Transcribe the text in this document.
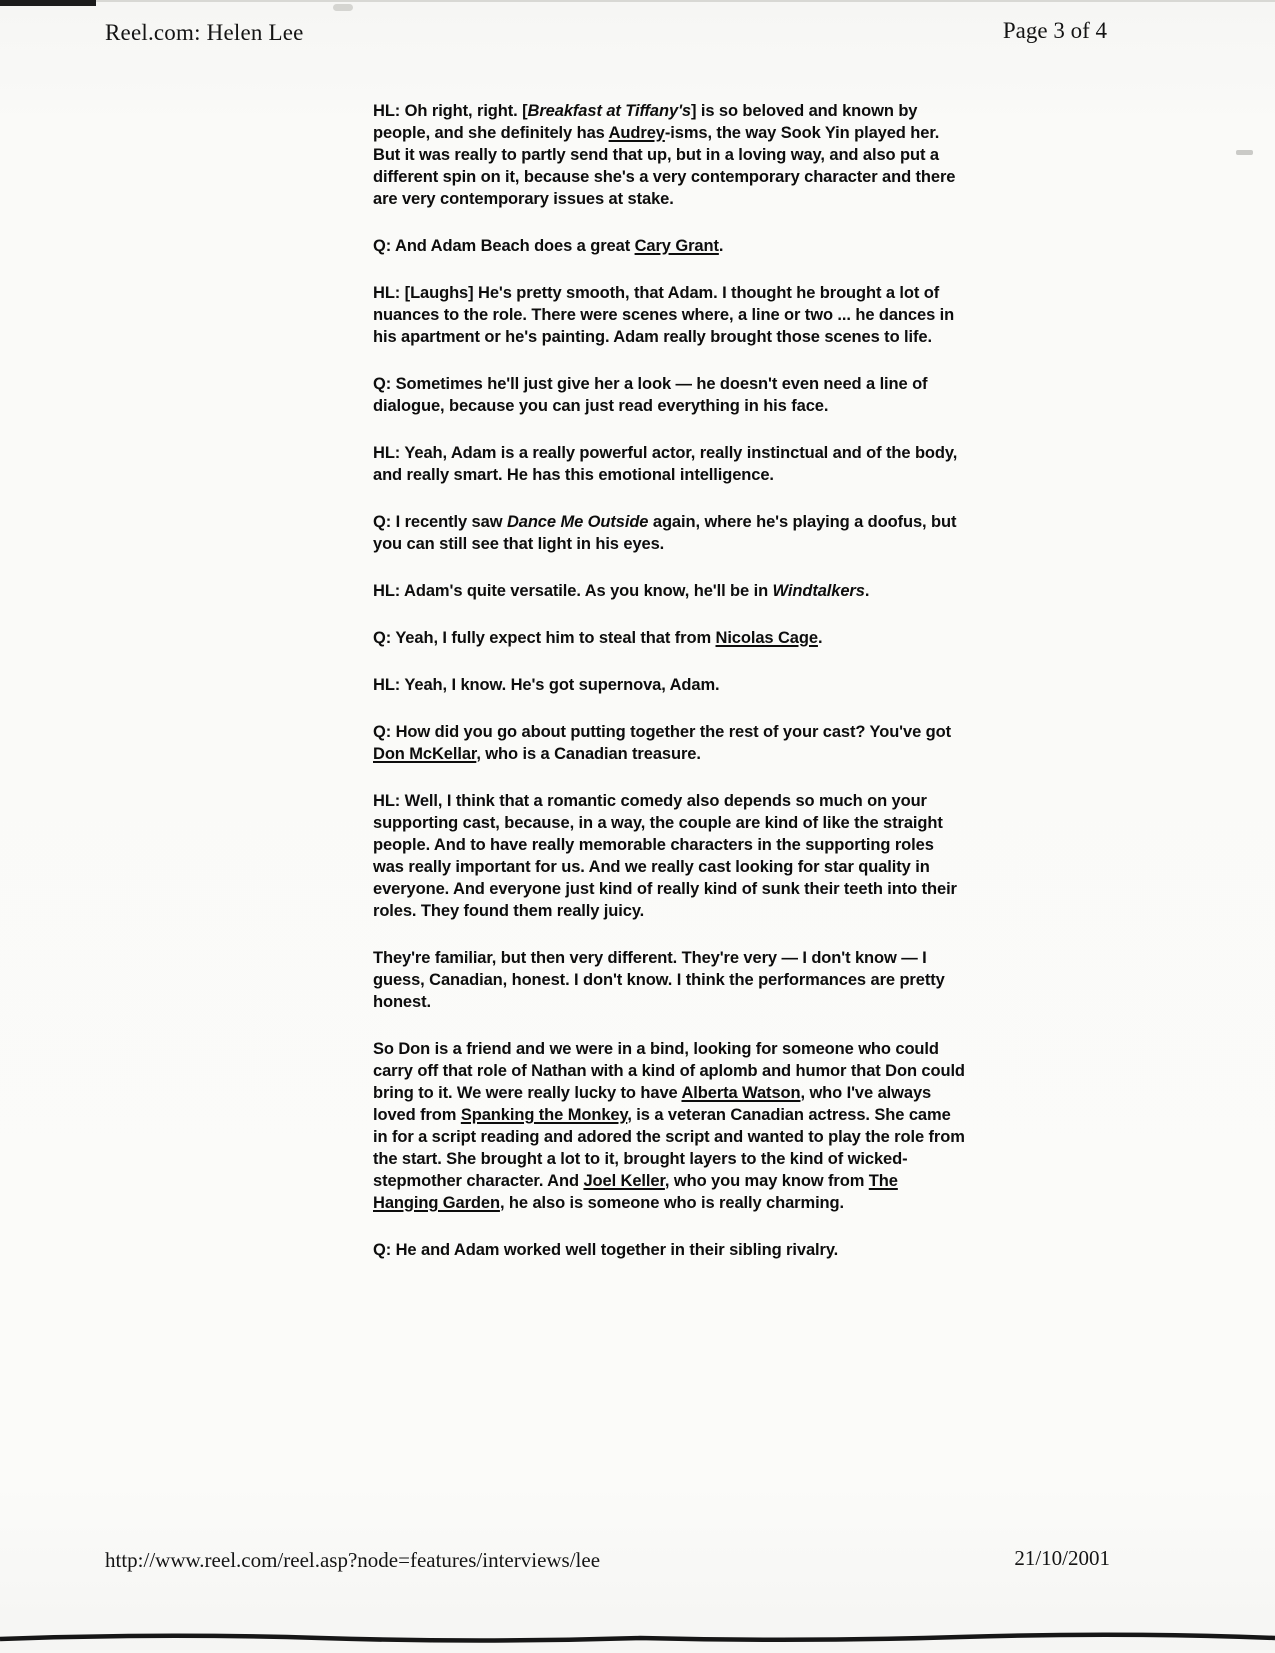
Reel.com: Helen Lee	Page 3 of 4

HL: Oh right, right. [Breakfast at Tiffany's] is so beloved and known by people, and she definitely has Audrey-isms, the way Sook Yin played her. But it was really to partly send that up, but in a loving way, and also put a different spin on it, because she's a very contemporary character and there are very contemporary issues at stake.

Q: And Adam Beach does a great Cary Grant.

HL: [Laughs] He's pretty smooth, that Adam. I thought he brought a lot of nuances to the role. There were scenes where, a line or two ... he dances in his apartment or he's painting. Adam really brought those scenes to life.

Q: Sometimes he'll just give her a look — he doesn't even need a line of dialogue, because you can just read everything in his face.

HL: Yeah, Adam is a really powerful actor, really instinctual and of the body, and really smart. He has this emotional intelligence.

Q: I recently saw Dance Me Outside again, where he's playing a doofus, but you can still see that light in his eyes.

HL: Adam's quite versatile. As you know, he'll be in Windtalkers.

Q: Yeah, I fully expect him to steal that from Nicolas Cage.

HL: Yeah, I know. He's got supernova, Adam.

Q: How did you go about putting together the rest of your cast? You've got Don McKellar, who is a Canadian treasure.

HL: Well, I think that a romantic comedy also depends so much on your supporting cast, because, in a way, the couple are kind of like the straight people. And to have really memorable characters in the supporting roles was really important for us. And we really cast looking for star quality in everyone. And everyone just kind of really kind of sunk their teeth into their roles. They found them really juicy.

They're familiar, but then very different. They're very — I don't know — I guess, Canadian, honest. I don't know. I think the performances are pretty honest.

So Don is a friend and we were in a bind, looking for someone who could carry off that role of Nathan with a kind of aplomb and humor that Don could bring to it. We were really lucky to have Alberta Watson, who I've always loved from Spanking the Monkey, is a veteran Canadian actress. She came in for a script reading and adored the script and wanted to play the role from the start. She brought a lot to it, brought layers to the kind of wicked-stepmother character. And Joel Keller, who you may know from The Hanging Garden, he also is someone who is really charming.

Q: He and Adam worked well together in their sibling rivalry.

http://www.reel.com/reel.asp?node=features/interviews/lee	21/10/2001
